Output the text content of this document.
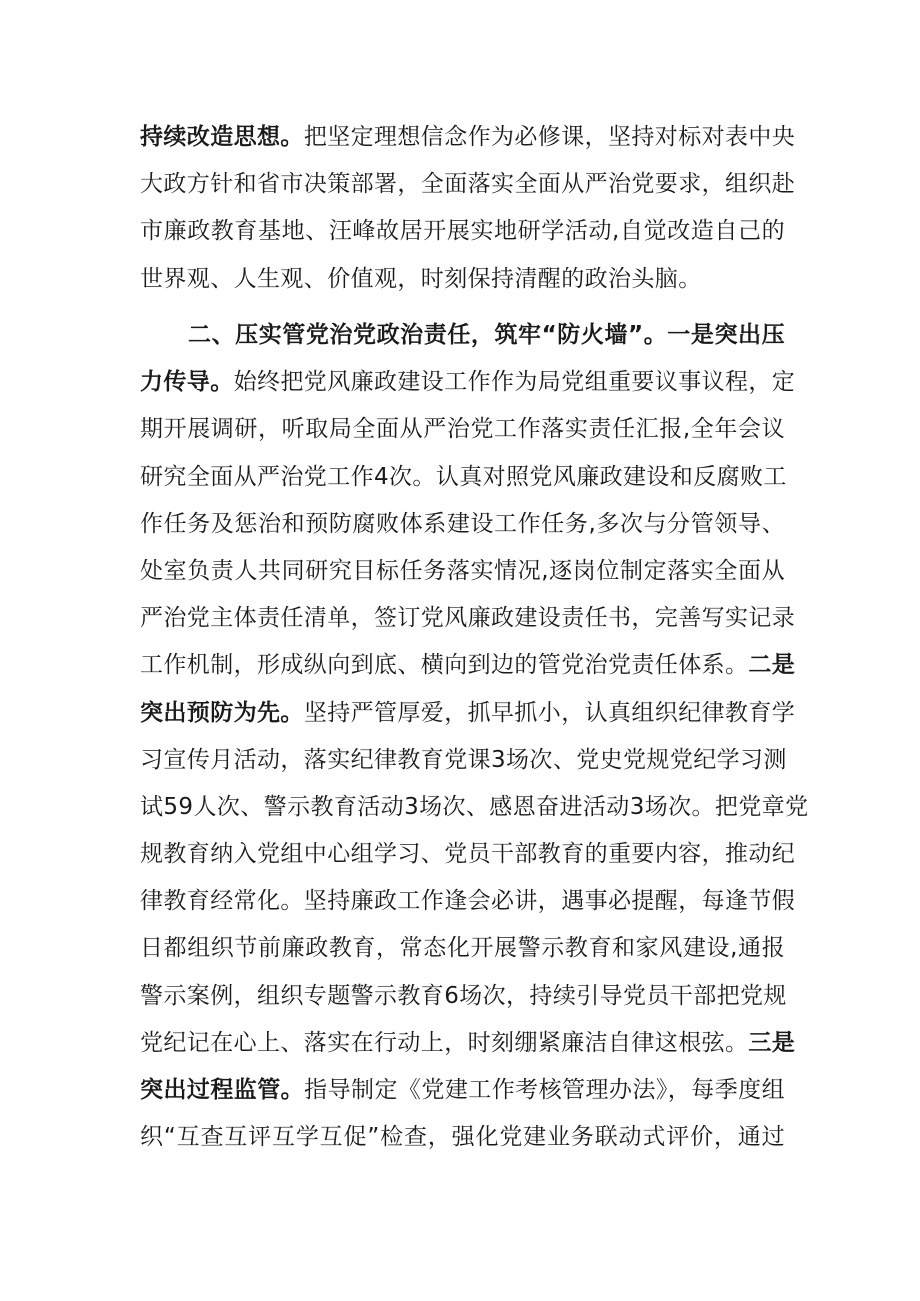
持续改造思想。把坚定理想信念作为必修课，坚持对标对表中央
大政方针和省市决策部署，全面落实全面从严治党要求，组织赴
市廉政教育基地、汪峰故居开展实地研学活动,自觉改造自己的
世界观、人生观、价值观，时刻保持清醒的政治头脑。
二、压实管党治党政治责任，筑牢“防火墙”。一是突出压
力传导。始终把党风廉政建设工作作为局党组重要议事议程，定
期开展调研，听取局全面从严治党工作落实责任汇报,全年会议
研究全面从严治党工作4次。认真对照党风廉政建设和反腐败工
作任务及惩治和预防腐败体系建设工作任务,多次与分管领导、
处室负责人共同研究目标任务落实情况,逐岗位制定落实全面从
严治党主体责任清单，签订党风廉政建设责任书，完善写实记录
工作机制，形成纵向到底、横向到边的管党治党责任体系。二是
突出预防为先。坚持严管厚爱，抓早抓小，认真组织纪律教育学
习宣传月活动，落实纪律教育党课3场次、党史党规党纪学习测
试59人次、警示教育活动3场次、感恩奋进活动3场次。把党章党
规教育纳入党组中心组学习、党员干部教育的重要内容，推动纪
律教育经常化。坚持廉政工作逢会必讲，遇事必提醒，每逢节假
日都组织节前廉政教育，常态化开展警示教育和家风建设,通报
警示案例，组织专题警示教育6场次，持续引导党员干部把党规
党纪记在心上、落实在行动上，时刻绷紧廉洁自律这根弦。三是
突出过程监管。指导制定《党建工作考核管理办法》，每季度组
织“互查互评互学互促”检查，强化党建业务联动式评价，通过
